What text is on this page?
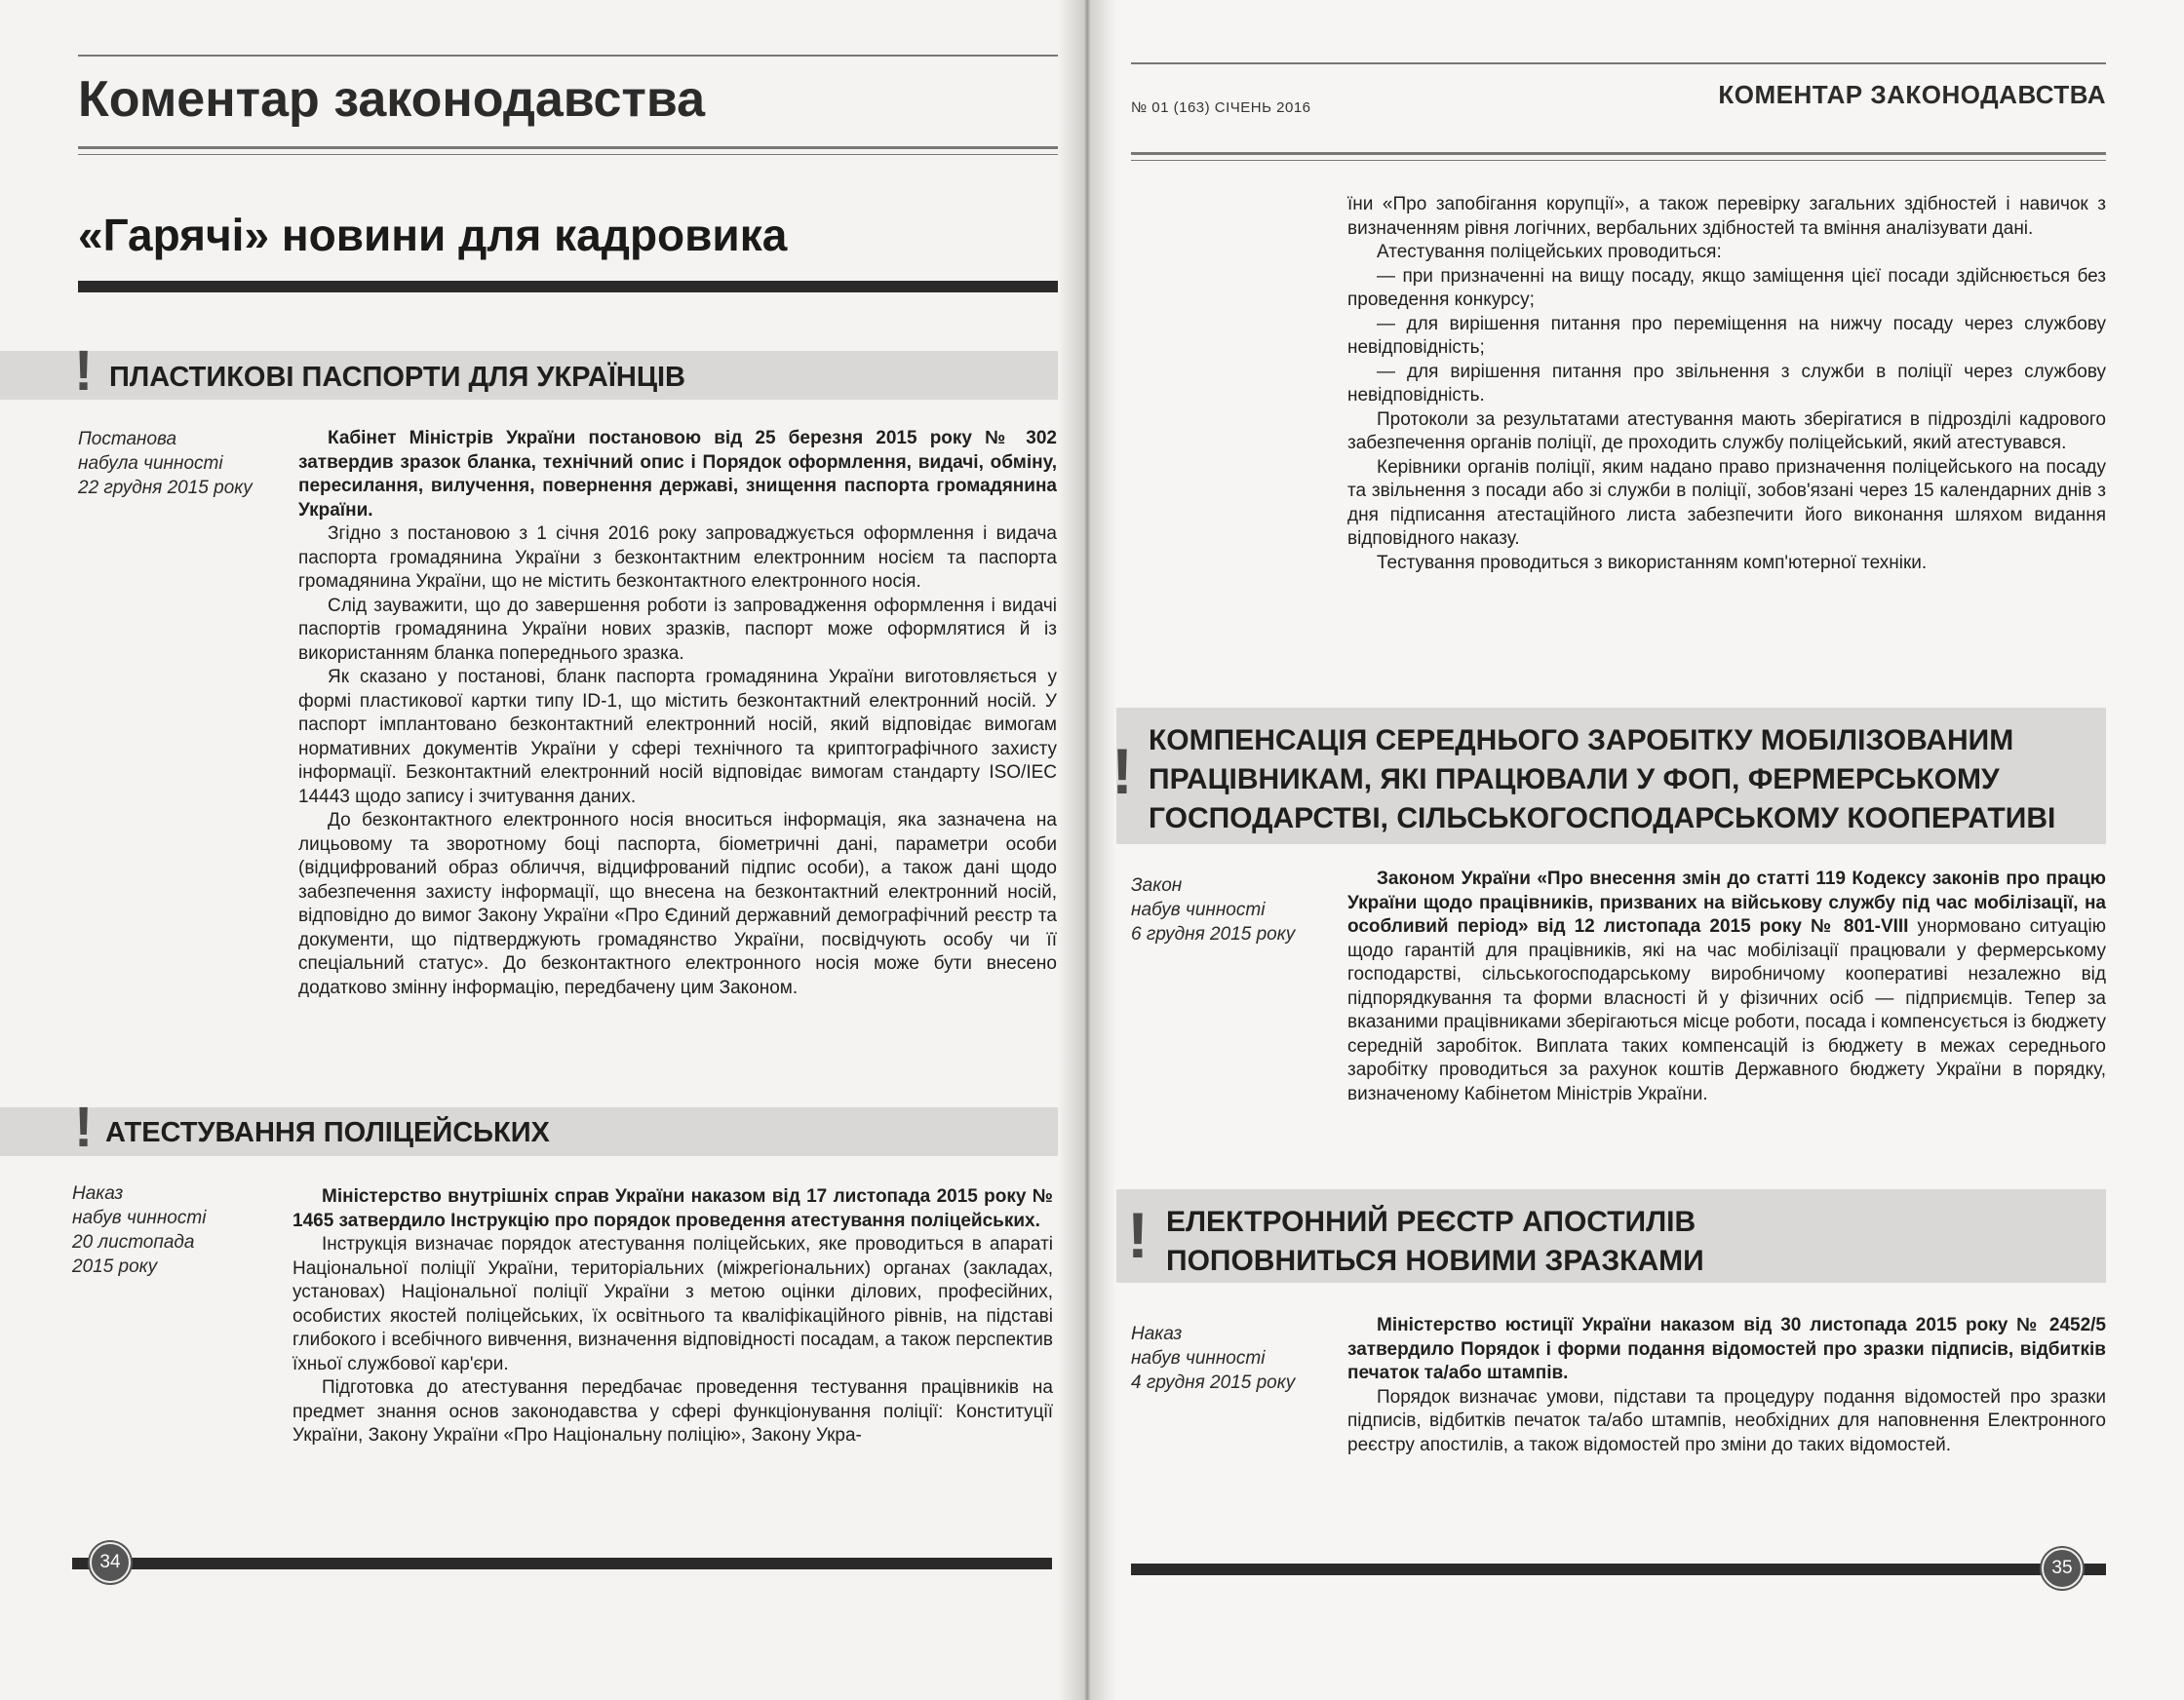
Коментар законодавства
«Гарячі» новини для кадровика
! ПЛАСТИКОВІ ПАСПОРТИ ДЛЯ УКРАЇНЦІВ
Постанова
набула чинності
22 грудня 2015 року

Кабінет Міністрів України постановою від 25 березня 2015 року № 302 затвердив зразок бланка, технічний опис і Порядок оформлення, видачі, обміну, пересилання, вилучення, повернення державі, знищення паспорта громадянина України.

Згідно з постановою з 1 січня 2016 року запроваджується оформлення і видача паспорта громадянина України з безконтактним електронним носієм та паспорта громадянина України, що не містить безконтактного електронного носія.

Слід зауважити, що до завершення роботи із запровадження оформлення і видачі паспортів громадянина України нових зразків, паспорт може оформлятися й із використанням бланка попереднього зразка.

Як сказано у постанові, бланк паспорта громадянина України виготовляється у формі пластикової картки типу ID-1, що містить безконтактний електронний носій. У паспорт імплантовано безконтактний електронний носій, який відповідає вимогам нормативних документів України у сфері технічного та криптографічного захисту інформації. Безконтактний електронний носій відповідає вимогам стандарту ISO/IEC 14443 щодо запису і зчитування даних.

До безконтактного електронного носія вноситься інформація, яка зазначена на лицьовому та зворотному боці паспорта, біометричні дані, параметри особи (відцифрований образ обличчя, відцифрований підпис особи), а також дані щодо забезпечення захисту інформації, що внесена на безконтактний електронний носій, відповідно до вимог Закону України «Про Єдиний державний демографічний реєстр та документи, що підтверджують громадянство України, посвідчують особу чи її спеціальний статус». До безконтактного електронного носія може бути внесено додатково змінну інформацію, передбачену цим Законом.

! АТЕСТУВАННЯ ПОЛІЦЕЙСЬКИХ
Наказ
набув чинності
20 листопада
2015 року

Міністерство внутрішніх справ України наказом від 17 листопада 2015 року № 1465 затвердило Інструкцію про порядок проведення атестування поліцейських.

Інструкція визначає порядок атестування поліцейських, яке проводиться в апараті Національної поліції України, територіальних (міжрегіональних) органах (закладах, установах) Національної поліції України з метою оцінки ділових, професійних, особистих якостей поліцейських, їх освітнього та кваліфікаційного рівнів, на підставі глибокого і всебічного вивчення, визначення відповідності посадам, а також перспектив їхньої службової кар'єри.

Підготовка до атестування передбачає проведення тестування працівників на предмет знання основ законодавства у сфері функціонування поліції: Конституції України, Закону України «Про Національну поліцію», Закону Укра-

34
№ 01 (163) СІЧЕНЬ 2016	КОМЕНТАР ЗАКОНОДАВСТВА

їни «Про запобігання корупції», а також перевірку загальних здібностей і навичок з визначенням рівня логічних, вербальних здібностей та вміння аналізувати дані.

Атестування поліцейських проводиться:

— при призначенні на вищу посаду, якщо заміщення цієї посади здійснюється без проведення конкурсу;

— для вирішення питання про переміщення на нижчу посаду через службову невідповідність;

— для вирішення питання про звільнення з служби в поліції через службову невідповідність.

Протоколи за результатами атестування мають зберігатися в підрозділі кадрового забезпечення органів поліції, де проходить службу поліцейський, який атестувався.

Керівники органів поліції, яким надано право призначення поліцейського на посаду та звільнення з посади або зі служби в поліції, зобов'язані через 15 календарних днів з дня підписання атестаційного листа забезпечити його виконання шляхом видання відповідного наказу.

Тестування проводиться з використанням комп'ютерної техніки.

! КОМПЕНСАЦІЯ СЕРЕДНЬОГО ЗАРОБІТКУ МОБІЛІЗОВАНИМ
ПРАЦІВНИКАМ, ЯКІ ПРАЦЮВАЛИ У ФОП, ФЕРМЕРСЬКОМУ
ГОСПОДАРСТВІ, СІЛЬСЬКОГОСПОДАРСЬКОМУ КООПЕРАТИВІ
Закон
набув чинності
6 грудня 2015 року

Законом України «Про внесення змін до статті 119 Кодексу законів про працю України щодо працівників, призваних на військову службу під час мобілізації, на особливий період» від 12 листопада 2015 року № 801-VIII унормовано ситуацію щодо гарантій для працівників, які на час мобілізації працювали у фермерському господарстві, сільськогосподарському виробничому кооперативі незалежно від підпорядкування та форми власності й у фізичних осіб — підприємців. Тепер за вказаними працівниками зберігаються місце роботи, посада і компенсується із бюджету середній заробіток. Виплата таких компенсацій із бюджету в межах середнього заробітку проводиться за рахунок коштів Державного бюджету України в порядку, визначеному Кабінетом Міністрів України.

! ЕЛЕКТРОННИЙ РЕЄСТР АПОСТИЛІВ
ПОПОВНИТЬСЯ НОВИМИ ЗРАЗКАМИ
Наказ
набув чинності
4 грудня 2015 року

Міністерство юстиції України наказом від 30 листопада 2015 року № 2452/5 затвердило Порядок і форми подання відомостей про зразки підписів, відбитків печаток та/або штампів.

Порядок визначає умови, підстави та процедуру подання відомостей про зразки підписів, відбитків печаток та/або штампів, необхідних для наповнення Електронного реєстру апостилів, а також відомостей про зміни до таких відомостей.

35
